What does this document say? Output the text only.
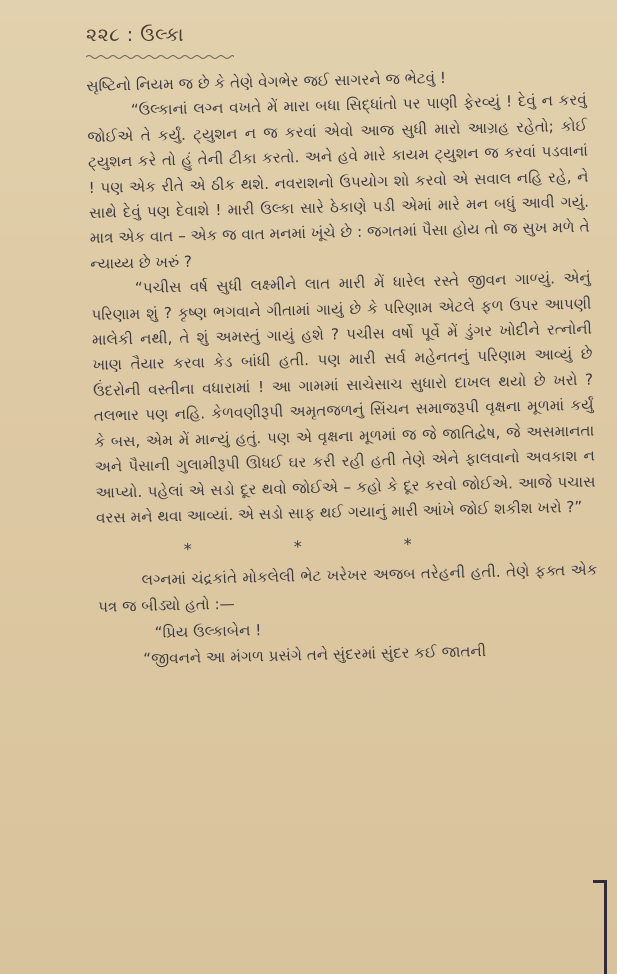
૨૨૮ : ઉલ્કા

સૃષ્ટિનો નિયમ જ છે કે તેણે વેગભેર જઈ સાગરને જ ભેટવું !

“ઉલ્કાનાં લગ્ન વખતે મેં મારા બધા સિદ્ધાંતો પર પાણી ફેરવ્યું ! દેવું ન કરવું જોઈએ તે કર્યું. ટ્યુશન ન જ કરવાં એવો આજ સુધી મારો આગ્રહ રહેતો; કોઈ ટ્યુશન કરે તો હું તેની ટીકા કરતો. અને હવે મારે કાયમ ટ્યુશન જ કરવાં પડવાનાં ! પણ એક રીતે એ ઠીક થશે. નવરાશનો ઉપયોગ શો કરવો એ સવાલ નહિ રહે, ને સાથે દેવું પણ દેવાશે ! મારી ઉલ્કા સારે ઠેકાણે પડી એમાં મારે મન બધું આવી ગયું. માત્ર એક વાત – એક જ વાત મનમાં ખૂંચે છે : જગતમાં પૈસા હોય તો જ સુખ મળે તે ન્યાય્ય છે ખરું ?

“પચીસ વર્ષ સુધી લક્ષ્મીને લાત મારી મેં ધારેલ રસ્તે જીવન ગાળ્યું. એનું પરિણામ શું ? કૃષ્ણ ભગવાને ગીતામાં ગાયું છે કે પરિણામ એટલે ફળ ઉપર આપણી માલેકી નથી, તે શું અમસ્તું ગાયું હશે ? પચીસ વર્ષો પૂર્વે મેં ડુંગર ખોદીને રત્નોની ખાણ તૈયાર કરવા કેડ બાંધી હતી. પણ મારી સર્વ મહેનતનું પરિણામ આવ્યું છે ઉંદરોની વસ્તીના વધારામાં ! આ ગામમાં સાચેસાચ સુધારો દાખલ થયો છે ખરો ? તલભાર પણ નહિ. કેળવણીરૂપી અમૃતજળનું સિંચન સમાજરૂપી વૃક્ષના મૂળમાં કર્યું કે બસ, એમ મેં માન્યું હતું. પણ એ વૃક્ષના મૂળમાં જ જે જાતિદ્વેષ, જે અસમાનતા અને પૈસાની ગુલામીરૂપી ઊધઈ ઘર કરી રહી હતી તેણે એને ફાલવાનો અવકાશ ન આપ્યો. પહેલાં એ સડો દૂર થવો જોઈએ – કહો કે દૂર કરવો જોઈએ. આજે પચાસ વરસ મને થવા આવ્યાં. એ સડો સાફ થઈ ગયાનું મારી આંખે જોઈ શકીશ ખરો ?”

*	*	*

લગ્નમાં ચંદ્રકાંતે મોકલેલી ભેટ ખરેખર અજબ તરેહની હતી. તેણે ફક્ત એક પત્ર જ બીડ્યો હતો :—

“પ્રિય ઉલ્કાબેન !

“જીવનને આ મંગળ પ્રસંગે તને સુંદરમાં સુંદર કઈ જાતની
